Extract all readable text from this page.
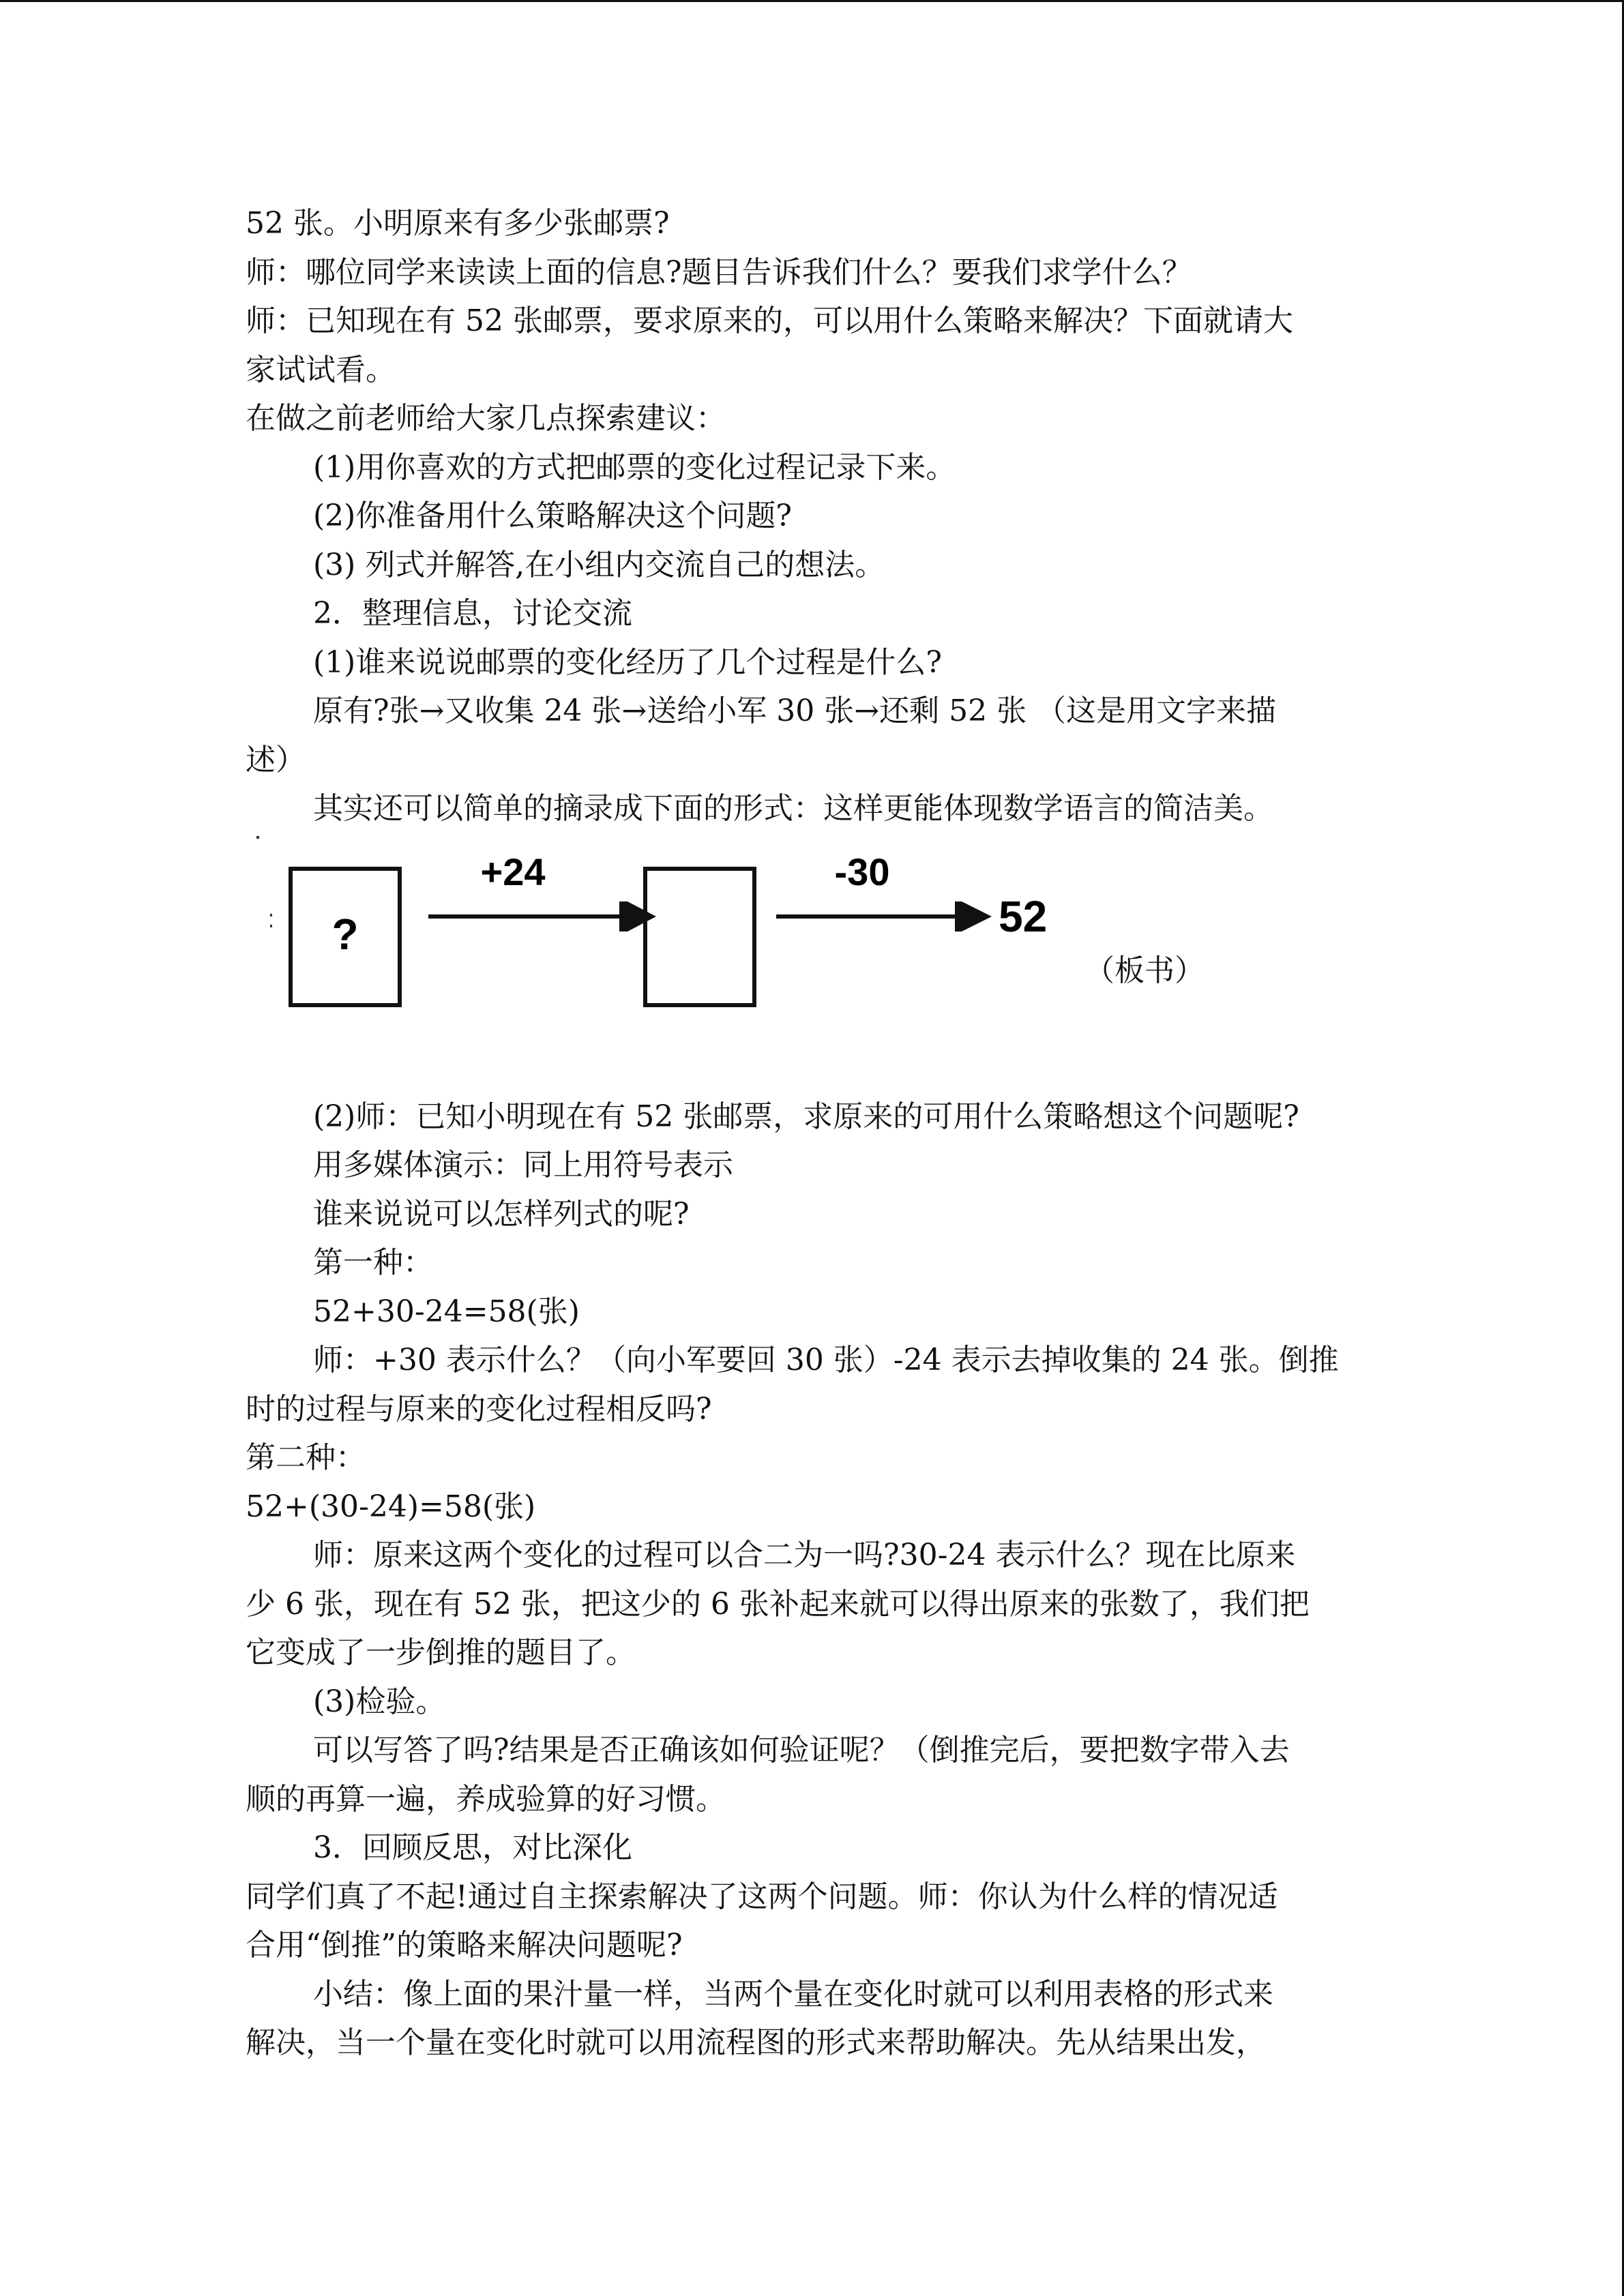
52 张。小明原来有多少张邮票?
师：哪位同学来读读上面的信息?题目告诉我们什么？要我们求学什么？
师：已知现在有 52 张邮票，要求原来的，可以用什么策略来解决？下面就请大
家试试看。
在做之前老师给大家几点探索建议：
(1)用你喜欢的方式把邮票的变化过程记录下来。
(2)你准备用什么策略解决这个问题?
(3) 列式并解答,在小组内交流自己的想法。
2．整理信息，讨论交流
(1)谁来说说邮票的变化经历了几个过程是什么?
原有?张→又收集 24 张→送给小军 30 张→还剩 52 张 （这是用文字来描
述）
其实还可以简单的摘录成下面的形式：这样更能体现数学语言的简洁美。
?
+24	-30
52
（板书）
(2)师：已知小明现在有 52 张邮票，求原来的可用什么策略想这个问题呢?
用多媒体演示：同上用符号表示
谁来说说可以怎样列式的呢?
第一种：
52+30-24=58(张)
师：+30 表示什么？（向小军要回 30 张）-24 表示去掉收集的 24 张。倒推
时的过程与原来的变化过程相反吗?
第二种：
52+(30-24)=58(张)
师：原来这两个变化的过程可以合二为一吗?30-24 表示什么？现在比原来
少 6 张，现在有 52 张，把这少的 6 张补起来就可以得出原来的张数了，我们把
它变成了一步倒推的题目了。
(3)检验。
可以写答了吗?结果是否正确该如何验证呢？（倒推完后，要把数字带入去
顺的再算一遍，养成验算的好习惯。
3．回顾反思，对比深化
同学们真了不起!通过自主探索解决了这两个问题。师：你认为什么样的情况适
合用“倒推”的策略来解决问题呢?
小结：像上面的果汁量一样，当两个量在变化时就可以利用表格的形式来
解决，当一个量在变化时就可以用流程图的形式来帮助解决。先从结果出发，
